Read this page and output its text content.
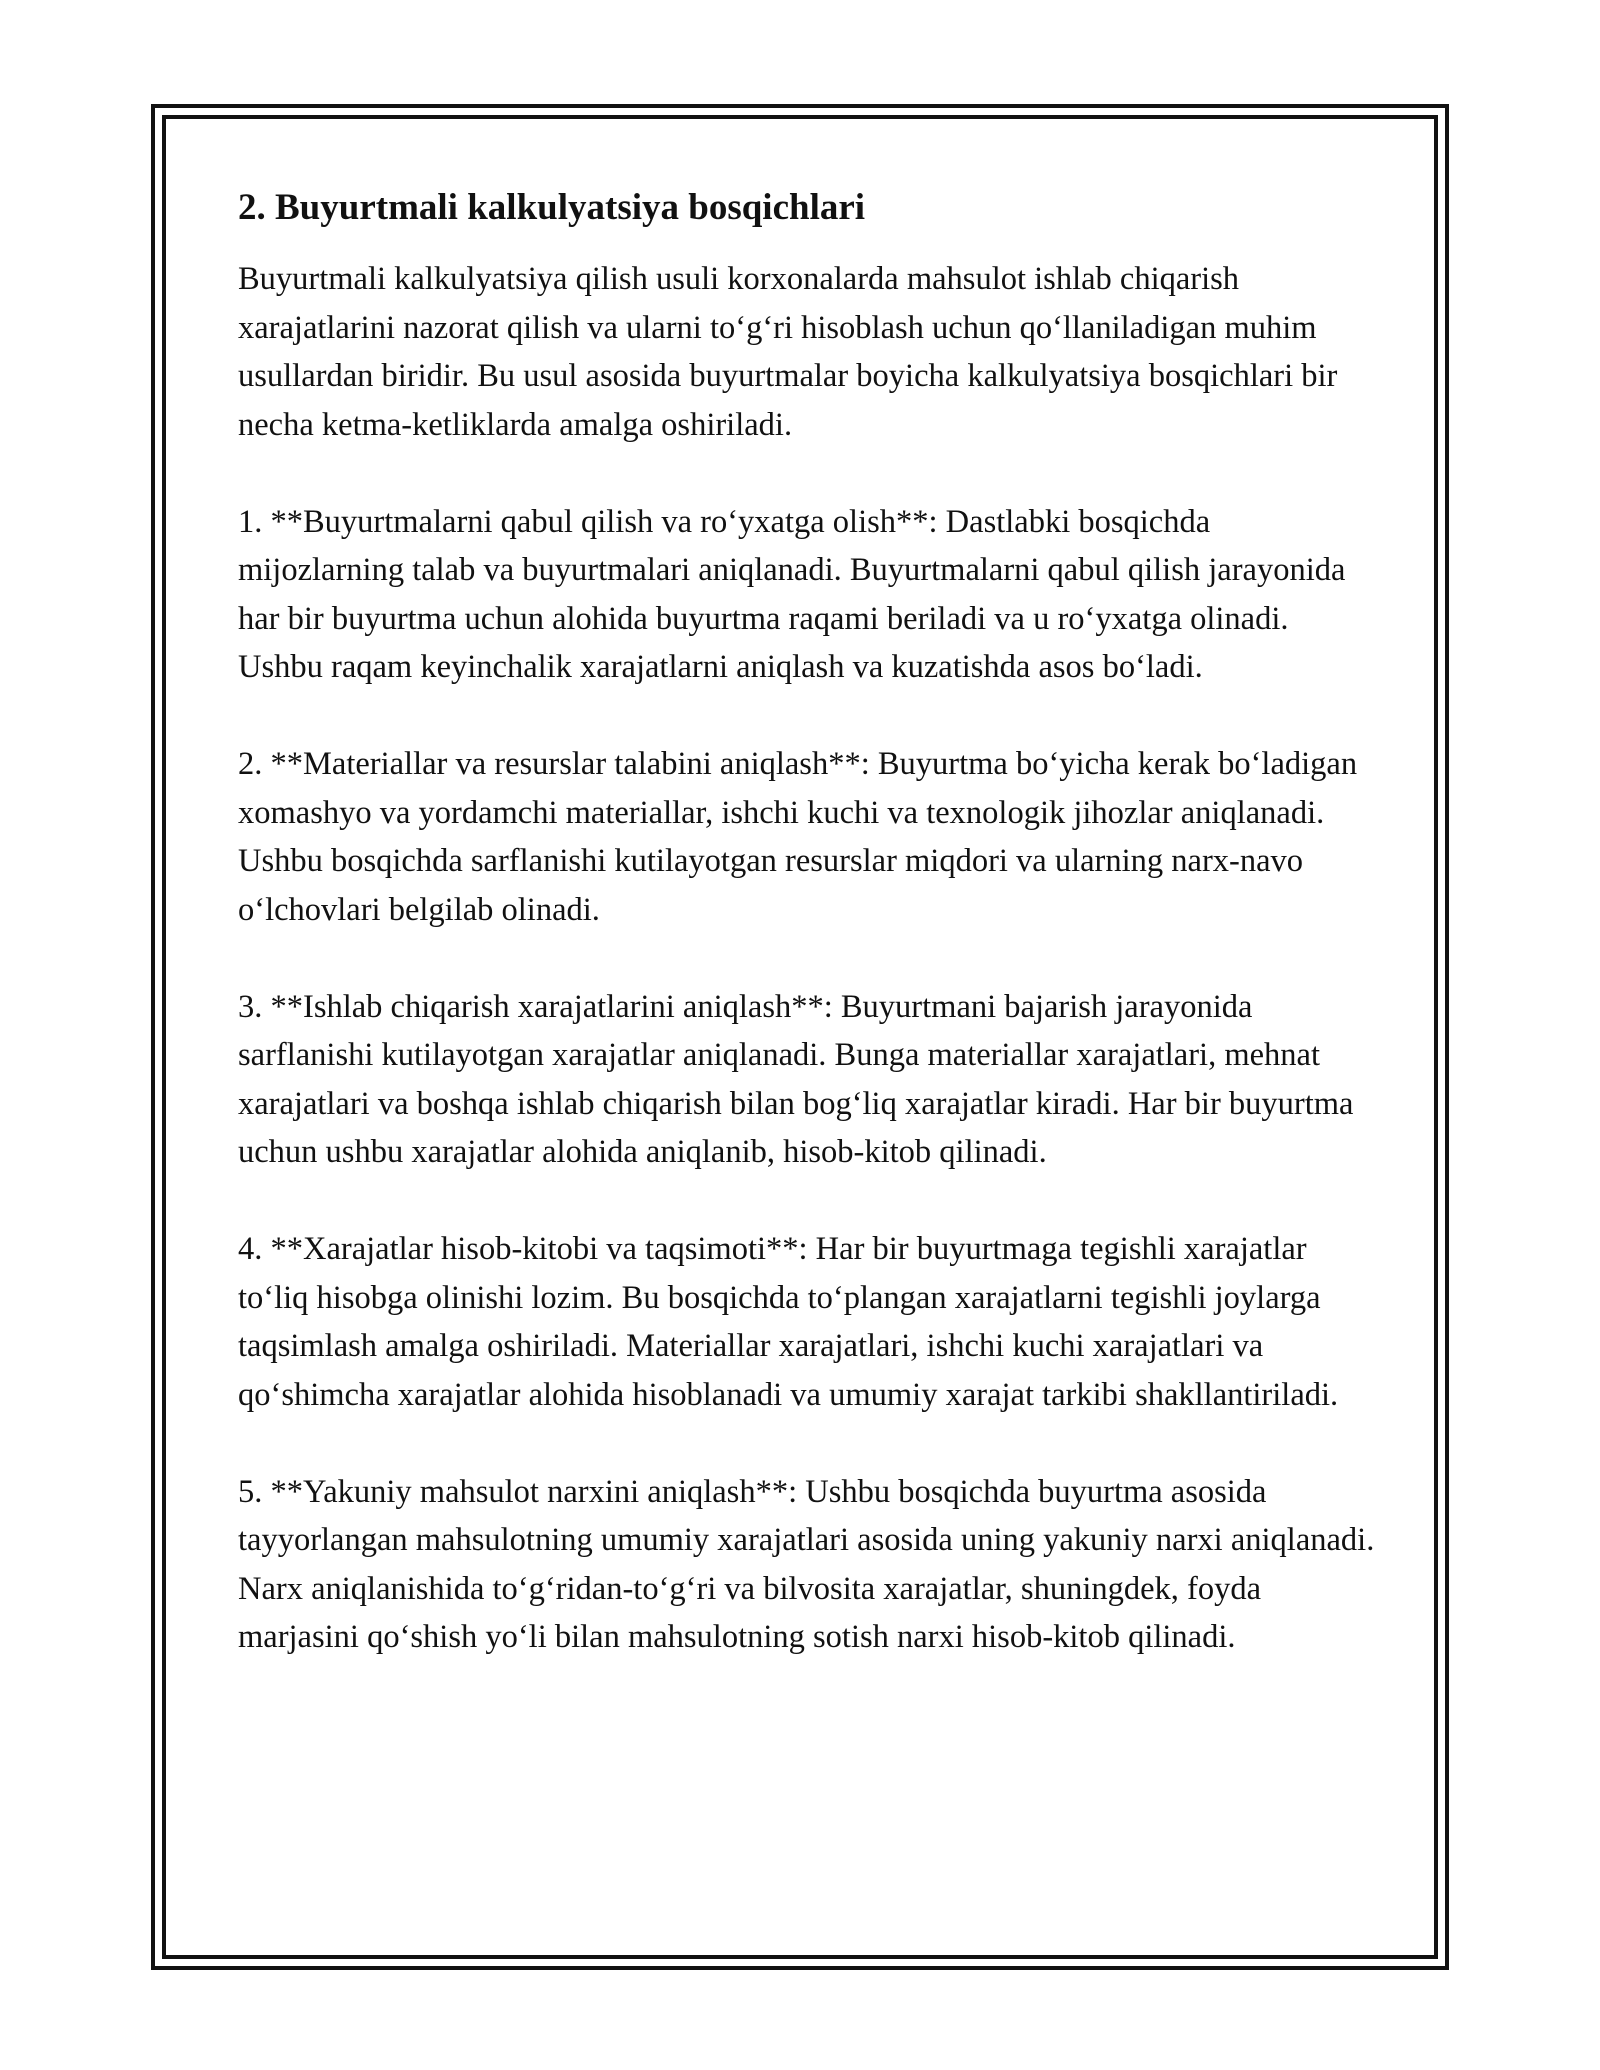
2. Buyurtmali kalkulyatsiya bosqichlari

Buyurtmali kalkulyatsiya qilish usuli korxonalarda mahsulot ishlab chiqarish xarajatlarini nazorat qilish va ularni to‘g‘ri hisoblash uchun qo‘llaniladigan muhim usullardan biridir. Bu usul asosida buyurtmalar boyicha kalkulyatsiya bosqichlari bir necha ketma-ketliklarda amalga oshiriladi.

1. **Buyurtmalarni qabul qilish va ro‘yxatga olish**: Dastlabki bosqichda mijozlarning talab va buyurtmalari aniqlanadi. Buyurtmalarni qabul qilish jarayonida har bir buyurtma uchun alohida buyurtma raqami beriladi va u ro‘yxatga olinadi. Ushbu raqam keyinchalik xarajatlarni aniqlash va kuzatishda asos bo‘ladi.

2. **Materiallar va resurslar talabini aniqlash**: Buyurtma bo‘yicha kerak bo‘ladigan xomashyo va yordamchi materiallar, ishchi kuchi va texnologik jihozlar aniqlanadi. Ushbu bosqichda sarflanishi kutilayotgan resurslar miqdori va ularning narx-navo o‘lchovlari belgilab olinadi.

3. **Ishlab chiqarish xarajatlarini aniqlash**: Buyurtmani bajarish jarayonida sarflanishi kutilayotgan xarajatlar aniqlanadi. Bunga materiallar xarajatlari, mehnat xarajatlari va boshqa ishlab chiqarish bilan bog‘liq xarajatlar kiradi. Har bir buyurtma uchun ushbu xarajatlar alohida aniqlanib, hisob-kitob qilinadi.

4. **Xarajatlar hisob-kitobi va taqsimoti**: Har bir buyurtmaga tegishli xarajatlar to‘liq hisobga olinishi lozim. Bu bosqichda to‘plangan xarajatlarni tegishli joylarga taqsimlash amalga oshiriladi. Materiallar xarajatlari, ishchi kuchi xarajatlari va qo‘shimcha xarajatlar alohida hisoblanadi va umumiy xarajat tarkibi shakllantiriladi.

5. **Yakuniy mahsulot narxini aniqlash**: Ushbu bosqichda buyurtma asosida tayyorlangan mahsulotning umumiy xarajatlari asosida uning yakuniy narxi aniqlanadi. Narx aniqlanishida to‘g‘ridan-to‘g‘ri va bilvosita xarajatlar, shuningdek, foyda marjasini qo‘shish yo‘li bilan mahsulotning sotish narxi hisob-kitob qilinadi.
